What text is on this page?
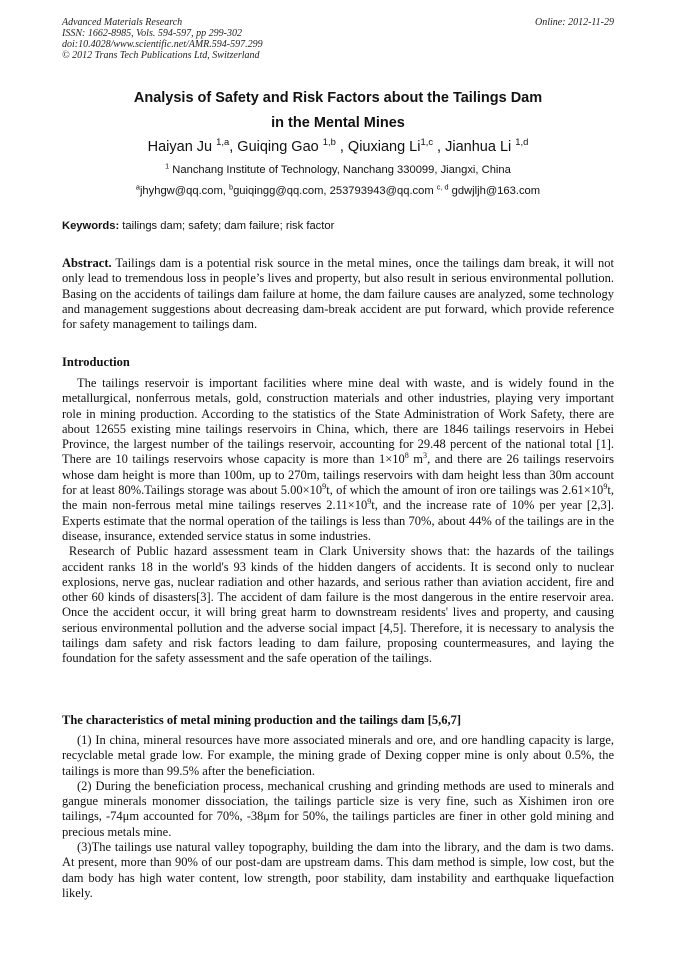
Advanced Materials Research
ISSN: 1662-8985, Vols. 594-597, pp 299-302
doi:10.4028/www.scientific.net/AMR.594-597.299
© 2012 Trans Tech Publications Ltd, Switzerland
Online: 2012-11-29
Analysis of Safety and Risk Factors about the Tailings Dam
in the Mental Mines
Haiyan Ju $^{1,a}$, Guiqing Gao $^{1,b}$ , Qiuxiang Li$^{1,c}$ , Jianhua Li $^{1,d}$
$^1$ Nanchang Institute of Technology, Nanchang 330099, Jiangxi, China
$^a$jhyhgw@qq.com, $^b$guiqingg@qq.com, 253793943@qq.com $^{c, d}$ gdwjljh@163.com
Keywords: tailings dam; safety; dam failure; risk factor

Abstract. Tailings dam is a potential risk source in the metal mines, once the tailings dam break, it will not only lead to tremendous loss in people’s lives and property, but also result in serious environmental pollution. Basing on the accidents of tailings dam failure at home, the dam failure causes are analyzed, some technology and management suggestions about decreasing dam-break accident are put forward, which provide reference for safety management to tailings dam.

Introduction

The tailings reservoir is important facilities where mine deal with waste, and is widely found in the metallurgical, nonferrous metals, gold, construction materials and other industries, playing very important role in mining production. According to the statistics of the State Administration of Work Safety, there are about 12655 existing mine tailings reservoirs in China, which, there are 1846 tailings reservoirs in Hebei Province, the largest number of the tailings reservoir, accounting for 29.48 percent of the national total [1]. There are 10 tailings reservoirs whose capacity is more than $1\times 10^8$ $m^3$, and there are 26 tailings reservoirs whose dam height is more than 100m, up to 270m, tailings reservoirs with dam height less than 30m account for at least 80%.Tailings storage was about $5.00\times 10^9t$, of which the amount of iron ore tailings was $2.61\times 10^9t$, the main non-ferrous metal mine tailings reserves $2.11\times 10^9t$, and the increase rate of 10% per year [2,3]. Experts estimate that the normal operation of the tailings is less than 70%, about 44% of the tailings are in the disease, insurance, extended service status in some industries.

Research of Public hazard assessment team in Clark University shows that: the hazards of the tailings accident ranks 18 in the world's 93 kinds of the hidden dangers of accidents. It is second only to nuclear explosions, nerve gas, nuclear radiation and other hazards, and serious rather than aviation accident, fire and other 60 kinds of disasters[3]. The accident of dam failure is the most dangerous in the entire reservoir area. Once the accident occur, it will bring great harm to downstream residents' lives and property, and causing serious environmental pollution and the adverse social impact [4,5]. Therefore, it is necessary to analysis the tailings dam safety and risk factors leading to dam failure, proposing countermeasures, and laying the foundation for the safety assessment and the safe operation of the tailings.

The characteristics of metal mining production and the tailings dam [5,6,7]

(1) In china, mineral resources have more associated minerals and ore, and ore handling capacity is large, recyclable metal grade low. For example, the mining grade of Dexing copper mine is only about 0.5%, the tailings is more than 99.5% after the beneficiation.

(2) During the beneficiation process, mechanical crushing and grinding methods are used to minerals and gangue minerals monomer dissociation, the tailings particle size is very fine, such as Xishimen iron ore tailings, -74μm accounted for 70%, -38μm for 50%, the tailings particles are finer in other gold mining and precious metals mine.

(3)The tailings use natural valley topography, building the dam into the library, and the dam is two dams. At present, more than 90% of our post-dam are upstream dams. This dam method is simple, low cost, but the dam body has high water content, low strength, poor stability, dam instability and earthquake liquefaction likely.
